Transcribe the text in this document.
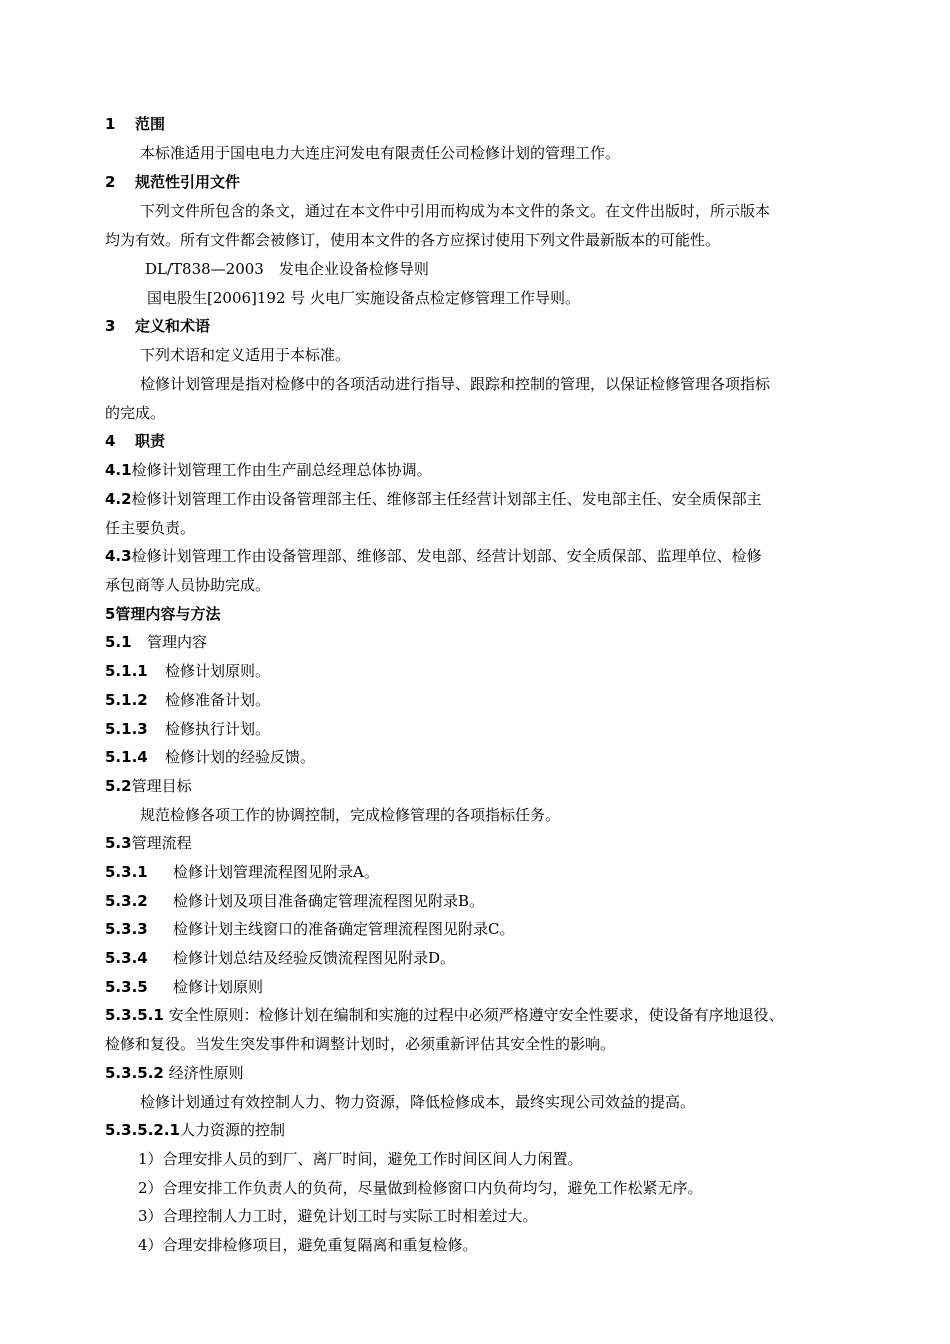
1 范围
本标准适用于国电电力大连庄河发电有限责任公司检修计划的管理工作。
2 规范性引用文件
下列文件所包含的条文，通过在本文件中引用而构成为本文件的条文。在文件出版时，所示版本
均为有效。所有文件都会被修订，使用本文件的各方应探讨使用下列文件最新版本的可能性。
DL/T838—2003　发电企业设备检修导则
国电股生[2006]192 号 火电厂实施设备点检定修管理工作导则。
3 定义和术语
下列术语和定义适用于本标准。
检修计划管理是指对检修中的各项活动进行指导、跟踪和控制的管理，以保证检修管理各项指标
的完成。
4 职责
4.1检修计划管理工作由生产副总经理总体协调。
4.2检修计划管理工作由设备管理部主任、维修部主任经营计划部主任、发电部主任、安全质保部主
任主要负责。
4.3检修计划管理工作由设备管理部、维修部、发电部、经营计划部、安全质保部、监理单位、检修
承包商等人员协助完成。
5管理内容与方法
5.1 管理内容
5.1.1 检修计划原则。
5.1.2 检修准备计划。
5.1.3 检修执行计划。
5.1.4 检修计划的经验反馈。
5.2管理目标
规范检修各项工作的协调控制，完成检修管理的各项指标任务。
5.3管理流程
5.3.1 检修计划管理流程图见附录A。
5.3.2 检修计划及项目准备确定管理流程图见附录B。
5.3.3 检修计划主线窗口的准备确定管理流程图见附录C。
5.3.4 检修计划总结及经验反馈流程图见附录D。
5.3.5 检修计划原则
5.3.5.1 安全性原则：检修计划在编制和实施的过程中必须严格遵守安全性要求，使设备有序地退役、
检修和复役。当发生突发事件和调整计划时，必须重新评估其安全性的影响。
5.3.5.2 经济性原则
检修计划通过有效控制人力、物力资源，降低检修成本，最终实现公司效益的提高。
5.3.5.2.1人力资源的控制
1）合理安排人员的到厂、离厂时间，避免工作时间区间人力闲置。
2）合理安排工作负责人的负荷，尽量做到检修窗口内负荷均匀，避免工作松紧无序。
3）合理控制人力工时，避免计划工时与实际工时相差过大。
4）合理安排检修项目，避免重复隔离和重复检修。
